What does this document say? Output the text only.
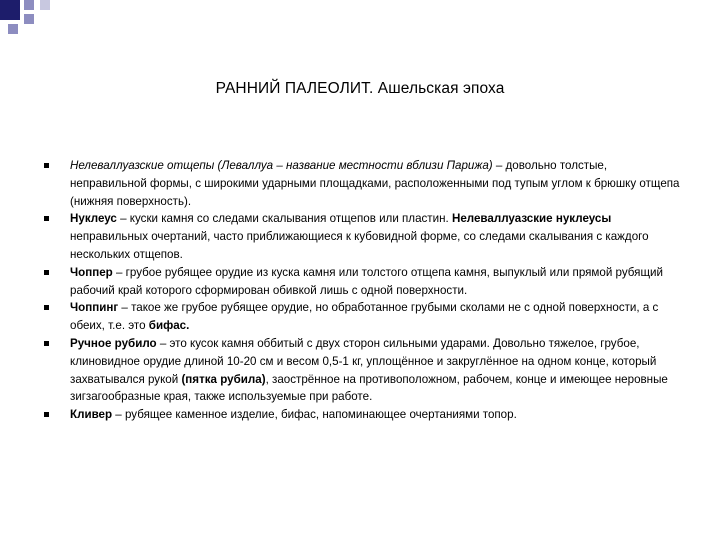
РАННИЙ ПАЛЕОЛИТ. Ашельская эпоха
Нелеваллуазские отщепы (Леваллуа – название местности вблизи Парижа) – довольно толстые, неправильной формы, с широкими ударными площадками, расположенными под тупым углом к брюшку отщепа (нижняя поверхность).
Нуклеус – куски камня со следами скалывания отщепов или пластин. Нелеваллуазские нуклеусы неправильных очертаний, часто приближающиеся к кубовидной форме, со следами скалывания с каждого нескольких отщепов.
Чоппер – грубое рубящее орудие из куска камня или толстого отщепа камня, выпуклый или прямой рубящий рабочий край которого сформирован обивкой лишь с одной поверхности.
Чоппинг – такое же грубое рубящее орудие, но обработанное грубыми сколами не с одной поверхности, а с обеих, т.е. это бифас.
Ручное рубило – это кусок камня оббитый с двух сторон сильными ударами. Довольно тяжелое, грубое, клиновидное орудие длиной 10-20 см и весом 0,5-1 кг, уплощённое и закруглённое на одном конце, который захватывался рукой (пятка рубила), заострённое на противоположном, рабочем, конце и имеющее неровные зигзагообразные края, также используемые при работе.
Кливер – рубящее каменное изделие, бифас, напоминающее очертаниями топор.
